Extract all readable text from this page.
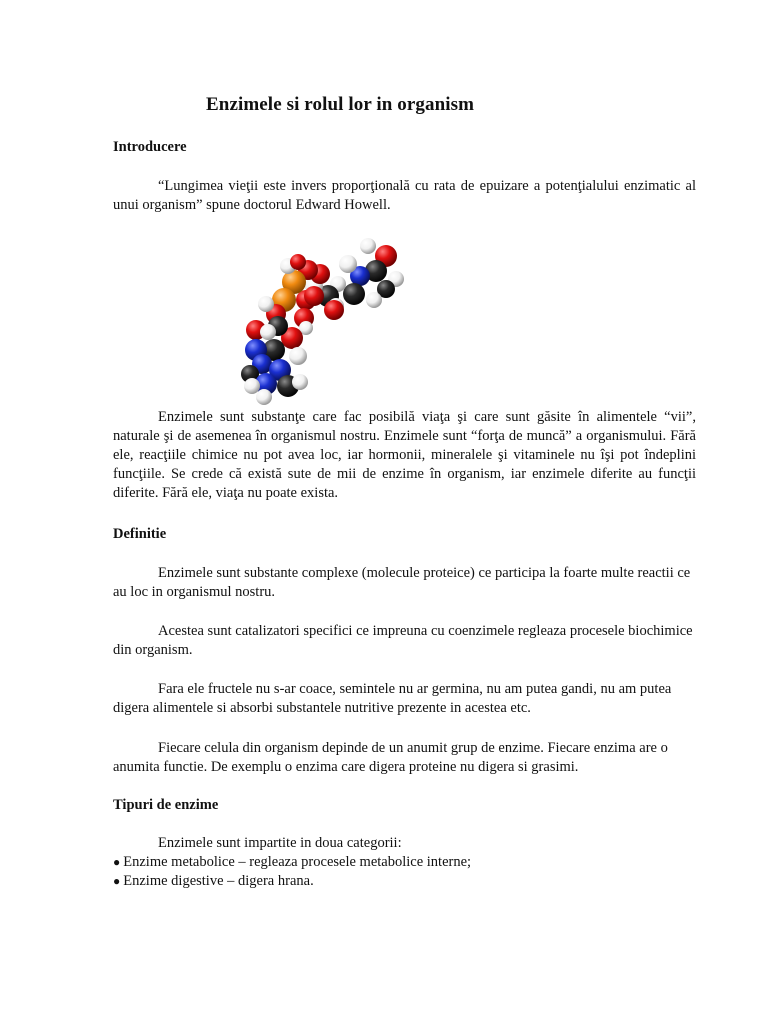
Enzimele si rolul lor in organism
Introducere
“Lungimea vieţii este invers proporţională cu rata de epuizare a potenţialului enzimatic al unui organism” spune doctorul Edward Howell.
Enzimele sunt substanţe care fac posibilă viaţa şi care sunt găsite în alimentele “vii”, naturale şi de asemenea în organismul nostru. Enzimele sunt “forţa de muncă” a organismului. Fără ele, reacţiile chimice nu pot avea loc, iar hormonii, mineralele şi vitaminele nu îşi pot îndeplini funcţiile. Se crede că există sute de mii de enzime în organism, iar enzimele diferite au funcţii diferite. Fără ele, viaţa nu poate exista.
Definitie
Enzimele sunt substante complexe (molecule proteice) ce participa la foarte multe reactii ce au loc in organismul nostru.
Acestea sunt catalizatori specifici ce impreuna cu coenzimele regleaza procesele biochimice din organism.
Fara ele fructele nu s-ar coace, semintele nu ar germina, nu am putea gandi, nu am putea digera alimentele si absorbi substantele nutritive prezente in acestea etc.
Fiecare celula din organism depinde de un anumit grup de enzime. Fiecare enzima are o anumita functie. De exemplu o enzima care digera proteine nu digera si grasimi.
Tipuri de enzime
Enzimele sunt impartite in doua categorii:
● Enzime metabolice – regleaza procesele metabolice interne;
● Enzime digestive – digera hrana.
